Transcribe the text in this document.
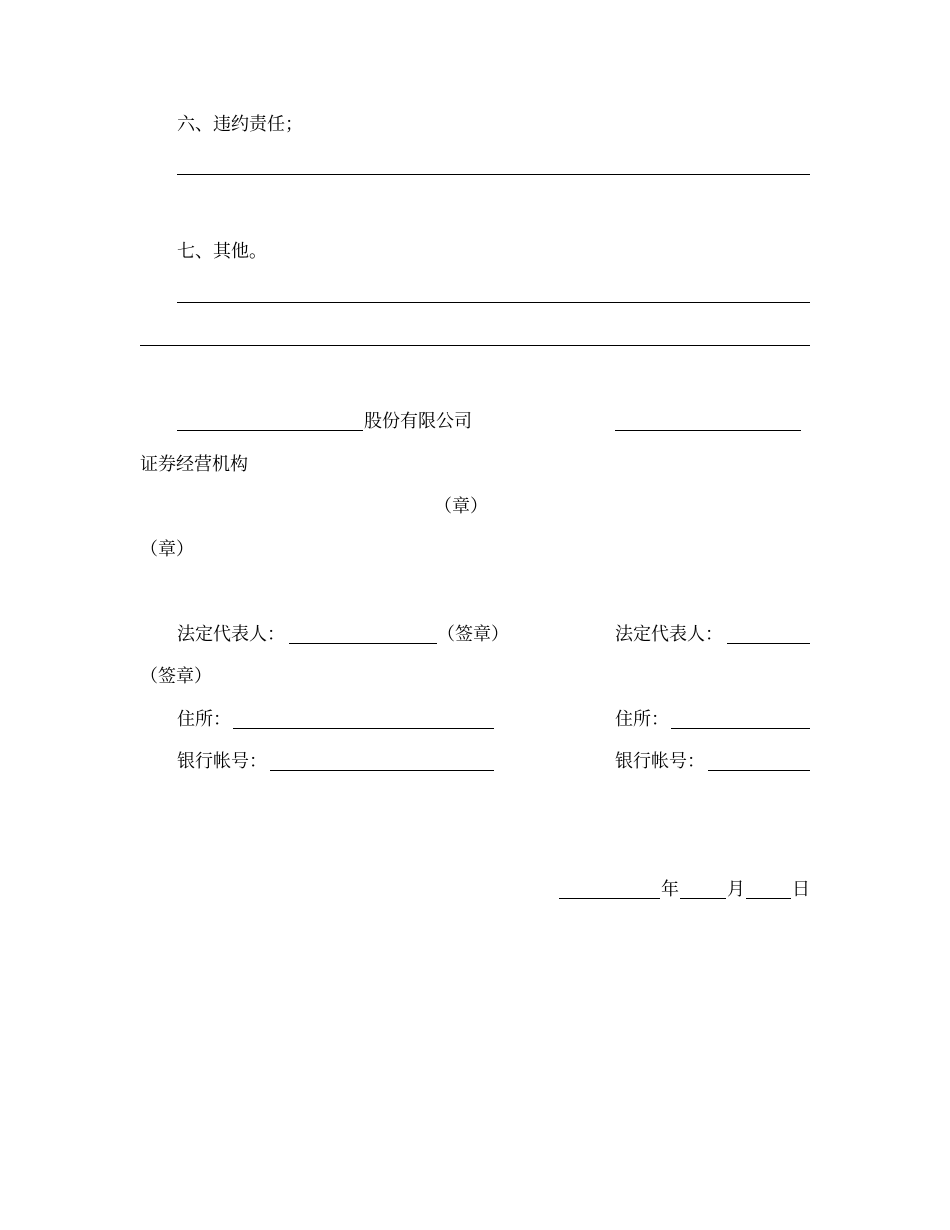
六、违约责任；
七、其他。
股份有限公司
证券经营机构
（章）
（章）
法定代表人：	（签章）	法定代表人：
（签章）
住所：	住所：
银行帐号：	银行帐号：
年	月	日
